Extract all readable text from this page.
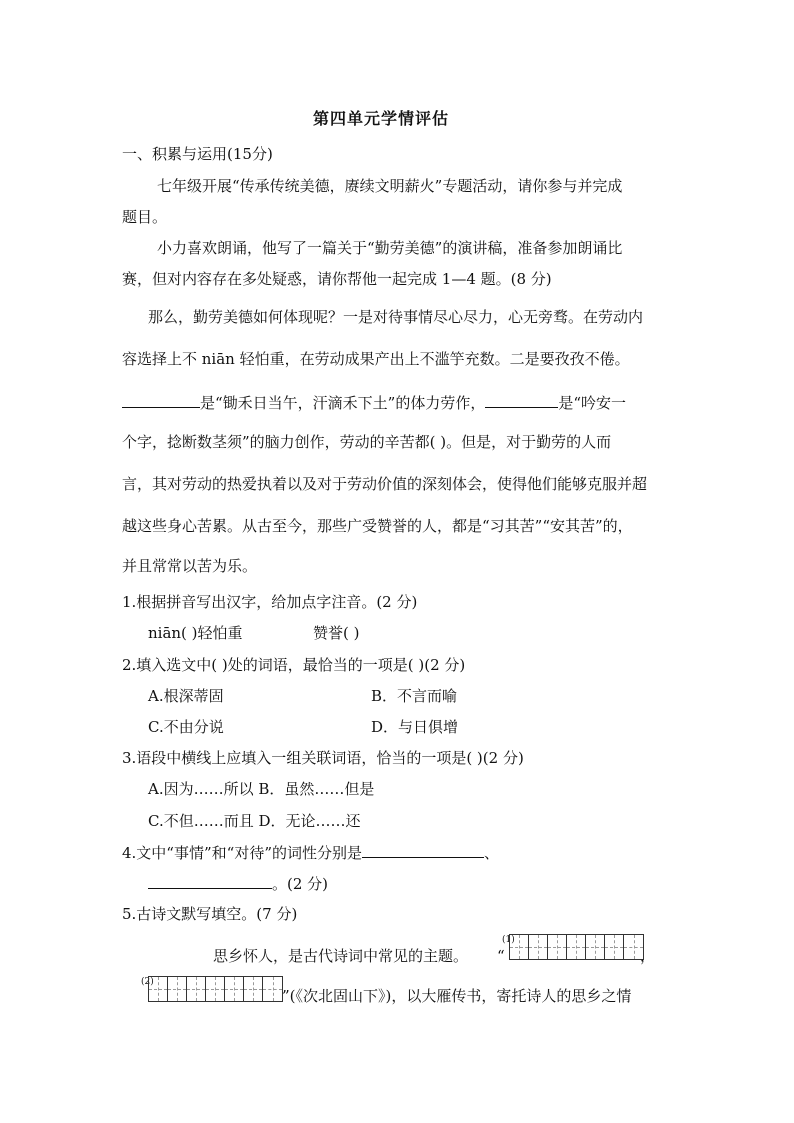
第四单元学情评估
一、积累与运用(15分)
七年级开展“传承传统美德，赓续文明薪火”专题活动，请你参与并完成
题目。
小力喜欢朗诵，他写了一篇关于“勤劳美德”的演讲稿，准备参加朗诵比
赛，但对内容存在多处疑惑，请你帮他一起完成 1—4 题。(8 分)
那么，勤劳美德如何体现呢？一是对待事情尽心尽力，心无旁骛。在劳动内
容选择上不 niān 轻怕重，在劳动成果产出上不滥竽充数。二是要孜孜不倦。
是“锄禾日当午，汗滴禾下土”的体力劳作，	是“吟安一
个字，捻断数茎须”的脑力创作，劳动的辛苦都( )。但是，对于勤劳的人而
言，其对劳动的热爱执着以及对于劳动价值的深刻体会，使得他们能够克服并超
越这些身心苦累。从古至今，那些广受赞誉的人，都是“习其苦”“安其苦”的，
并且常常以苦为乐。
1.根据拼音写出汉字，给加点字注音。(2 分)
niān( )轻怕重	赞誉( )
2.填入选文中( )处的词语，最恰当的一项是( )(2 分)
A.根深蒂固	B．不言而喻
C.不由分说	D．与日俱增
3.语段中横线上应填入一组关联词语，恰当的一项是( )(2 分)
A.因为……所以 B．虽然……但是
C.不但……而且 D．无论……还
4.文中“事情”和“对待”的词性分别是	、
。(2 分)
5.古诗文默写填空。(7 分)
思乡怀人，是古代诗词中常见的主题。 “
(1)
，
(2)
”(《次北固山下》)，以大雁传书，寄托诗人的思乡之情
